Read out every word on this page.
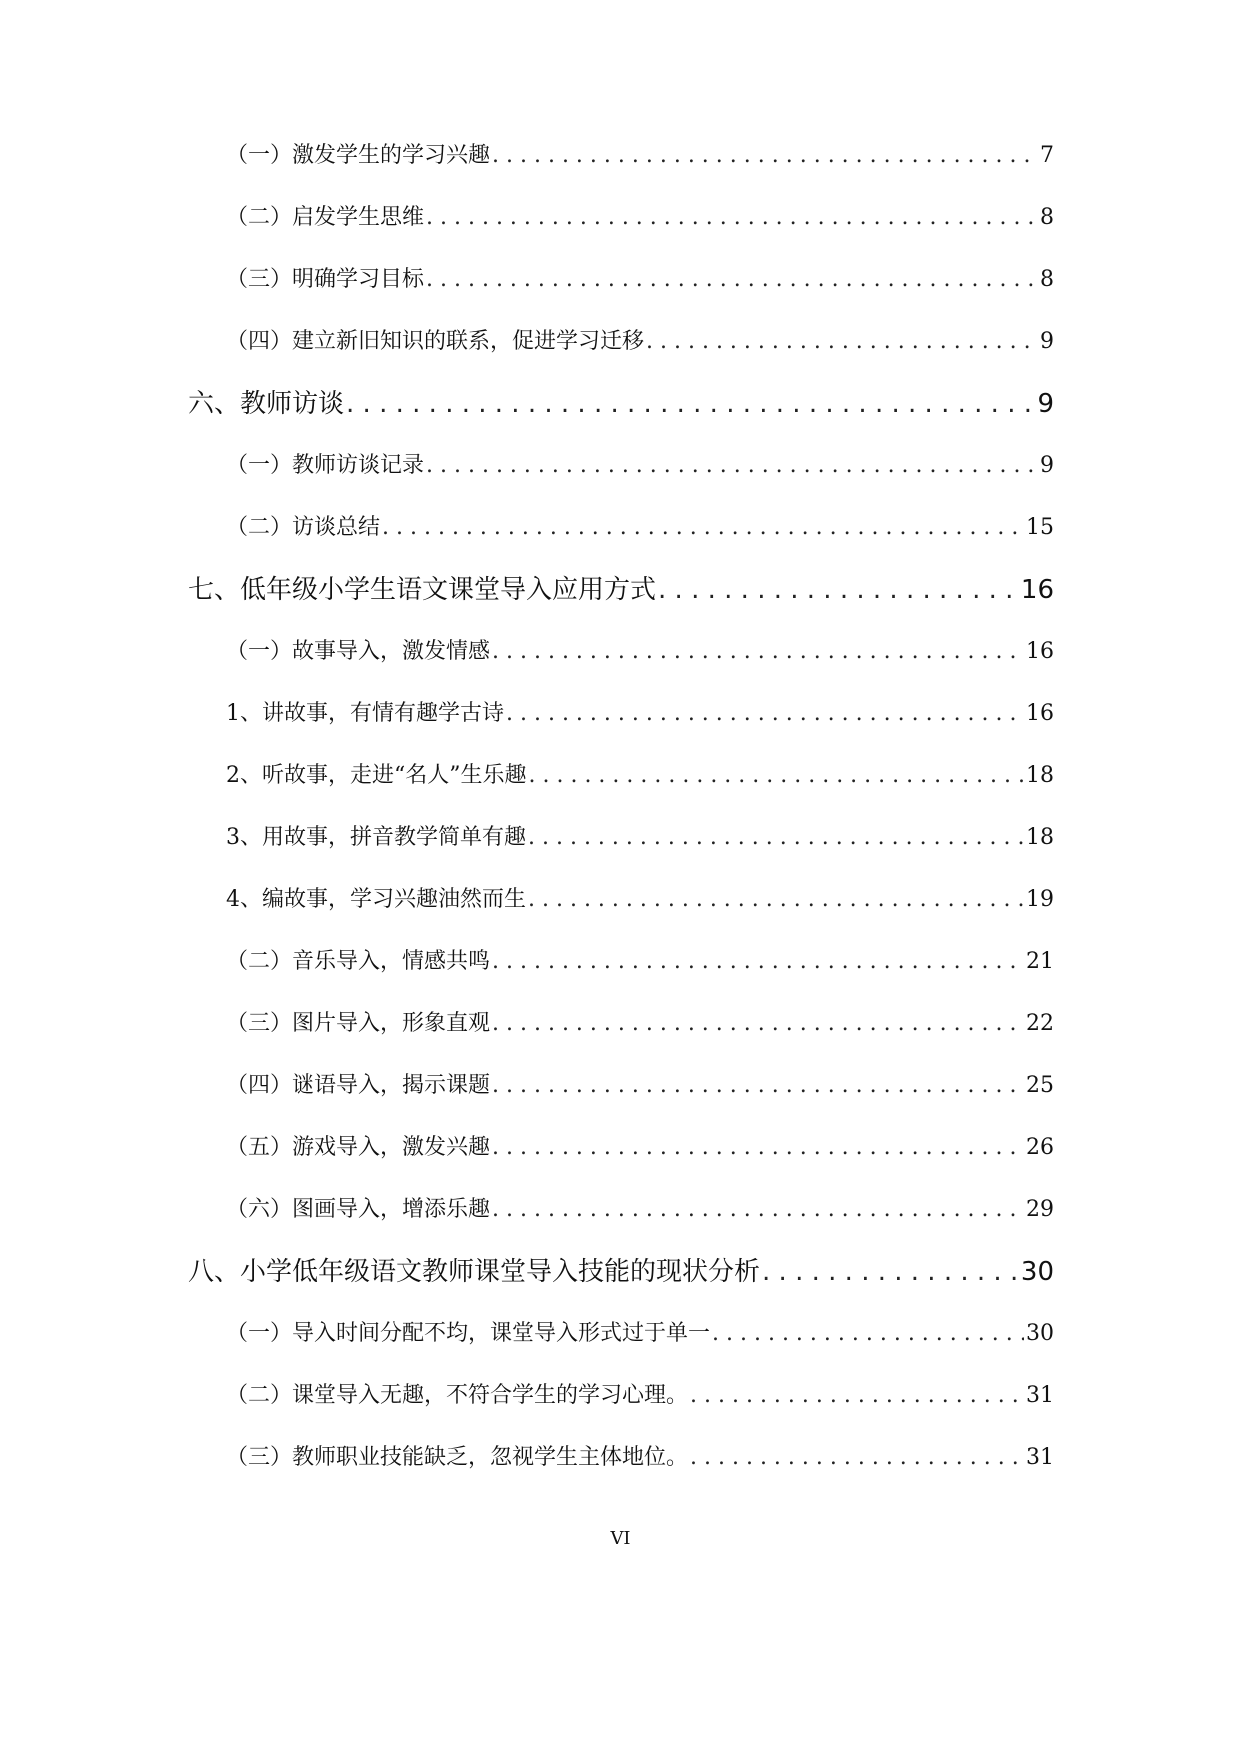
（一）激发学生的学习兴趣 . . .	7
（二）启发学生思维 . . .	8
（三）明确学习目标 . . .	8
（四）建立新旧知识的联系，促进学习迁移 . . .	9
六、教师访谈 . . .	9
（一）教师访谈记录 . . .	9
（二）访谈总结 . . .	15
七、低年级小学生语文课堂导入应用方式 . . .	16
（一）故事导入，激发情感 . . .	16
1、讲故事，有情有趣学古诗 . . .	16
2、听故事，走进“名人”生乐趣 . . .	18
3、用故事，拼音教学简单有趣 . . .	18
4、编故事，学习兴趣油然而生 . . .	19
（二）音乐导入，情感共鸣 . . .	21
（三）图片导入，形象直观 . . .	22
（四）谜语导入，揭示课题 . . .	25
（五）游戏导入，激发兴趣 . . .	26
（六）图画导入，增添乐趣 . . .	29
八、小学低年级语文教师课堂导入技能的现状分析 . . .	30
（一）导入时间分配不均，课堂导入形式过于单一 . . .	30
（二）课堂导入无趣，不符合学生的学习心理。 . . .	31
（三）教师职业技能缺乏，忽视学生主体地位。 . . .	31
VI
